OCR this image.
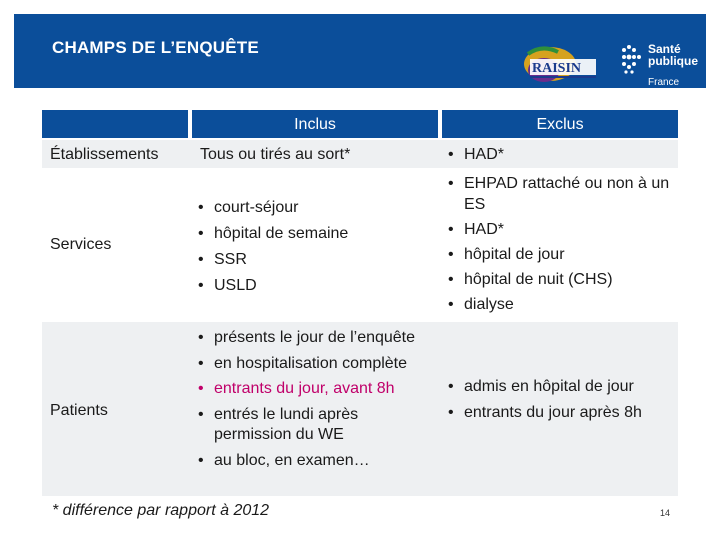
CHAMPS DE L’ENQUÊTE
RAISIN
Santé
publique
France
Inclus	Exclus
Établissements	Tous ou tirés au sort*
•	HAD*
Services
• court-séjour
• hôpital de semaine
• SSR
• USLD
• EHPAD rattaché ou non à un ES
• HAD*
• hôpital de jour
• hôpital de nuit (CHS)
• dialyse
Patients
• présents le jour de l’enquête
• en hospitalisation complète
• entrants du jour, avant 8h
• entrés le lundi après permission du WE
• au bloc, en examen…
• admis en hôpital de jour
• entrants du jour après 8h
* différence par rapport à 2012	14
